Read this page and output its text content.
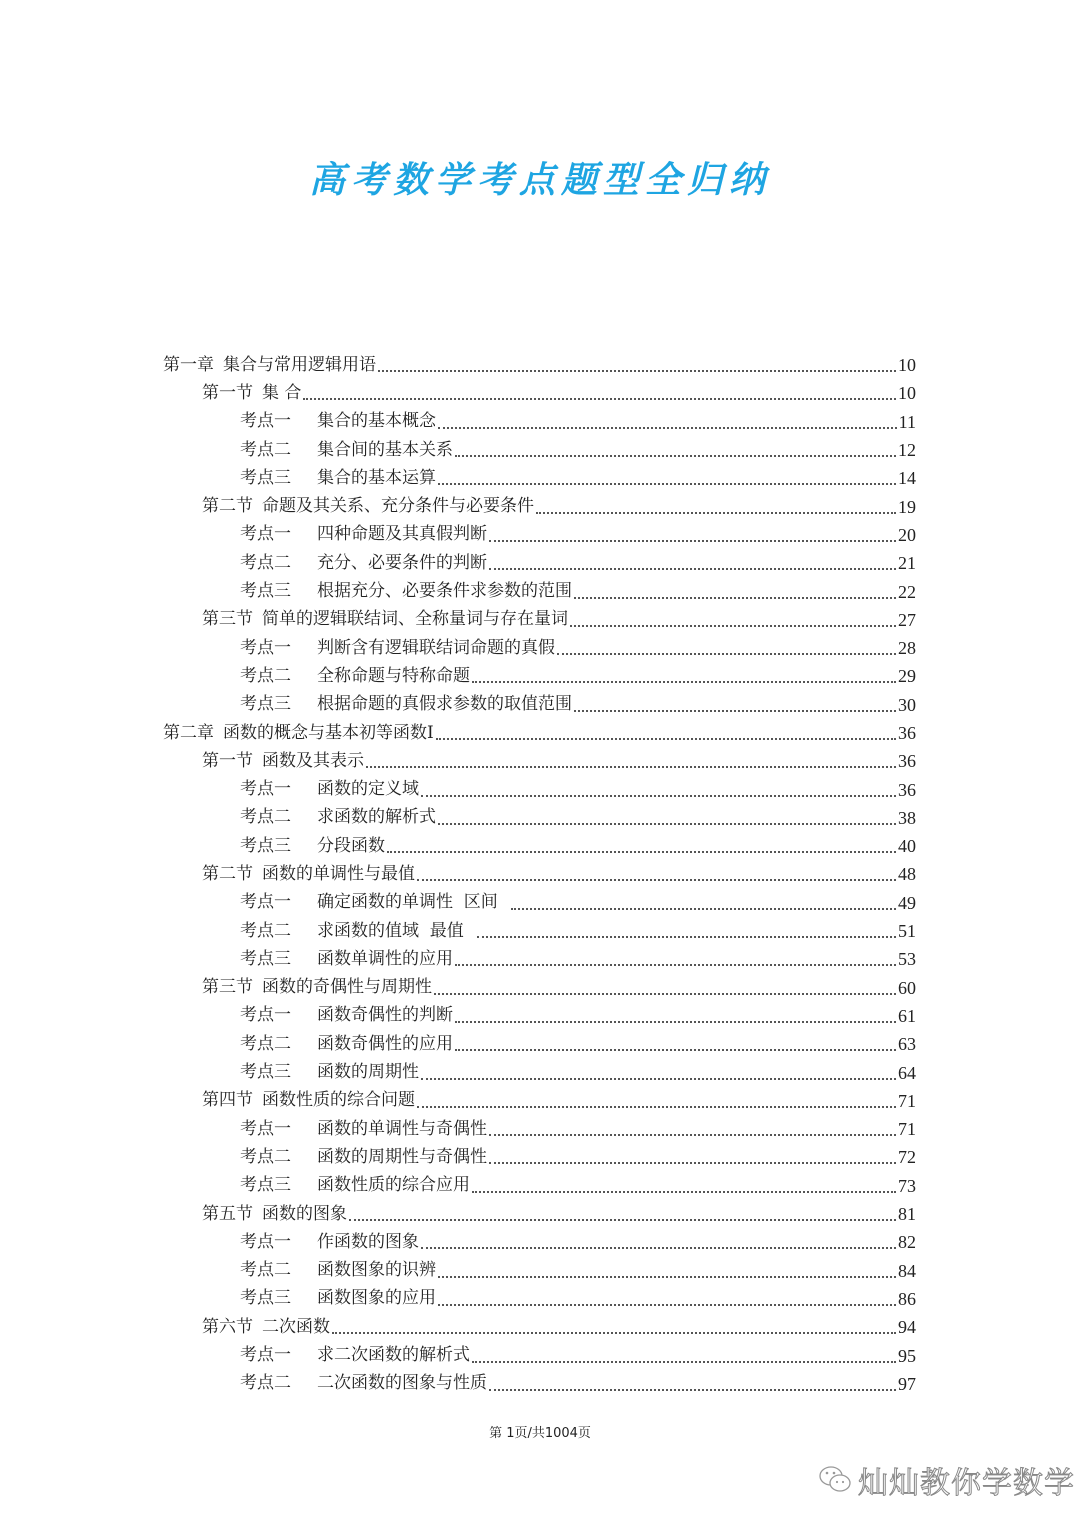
高考数学考点题型全归纳
第一章 集合与常用逻辑用语	10
第一节 集 合	10
考点一	集合的基本概念	11
考点二	集合间的基本关系	12
考点三	集合的基本运算	14
第二节 命题及其关系、充分条件与必要条件	19
考点一	四种命题及其真假判断	20
考点二	充分、必要条件的判断	21
考点三	根据充分、必要条件求参数的范围	22
第三节 简单的逻辑联结词、全称量词与存在量词	27
考点一	判断含有逻辑联结词命题的真假	28
考点二	全称命题与特称命题	29
考点三	根据命题的真假求参数的取值范围	30
第二章 函数的概念与基本初等函数Ⅰ	36
第一节 函数及其表示	36
考点一	函数的定义域	36
考点二	求函数的解析式	38
考点三	分段函数	40
第二节 函数的单调性与最值	48
考点一	确定函数的单调性  区间	49
考点二	求函数的值域  最值	51
考点三	函数单调性的应用	53
第三节 函数的奇偶性与周期性	60
考点一	函数奇偶性的判断	61
考点二	函数奇偶性的应用	63
考点三	函数的周期性	64
第四节 函数性质的综合问题	71
考点一	函数的单调性与奇偶性	71
考点二	函数的周期性与奇偶性	72
考点三	函数性质的综合应用	73
第五节 函数的图象	81
考点一	作函数的图象	82
考点二	函数图象的识辨	84
考点三	函数图象的应用	86
第六节 二次函数	94
考点一	求二次函数的解析式	95
考点二	二次函数的图象与性质	97
第 1页/共1004页
灿灿教你学数学
